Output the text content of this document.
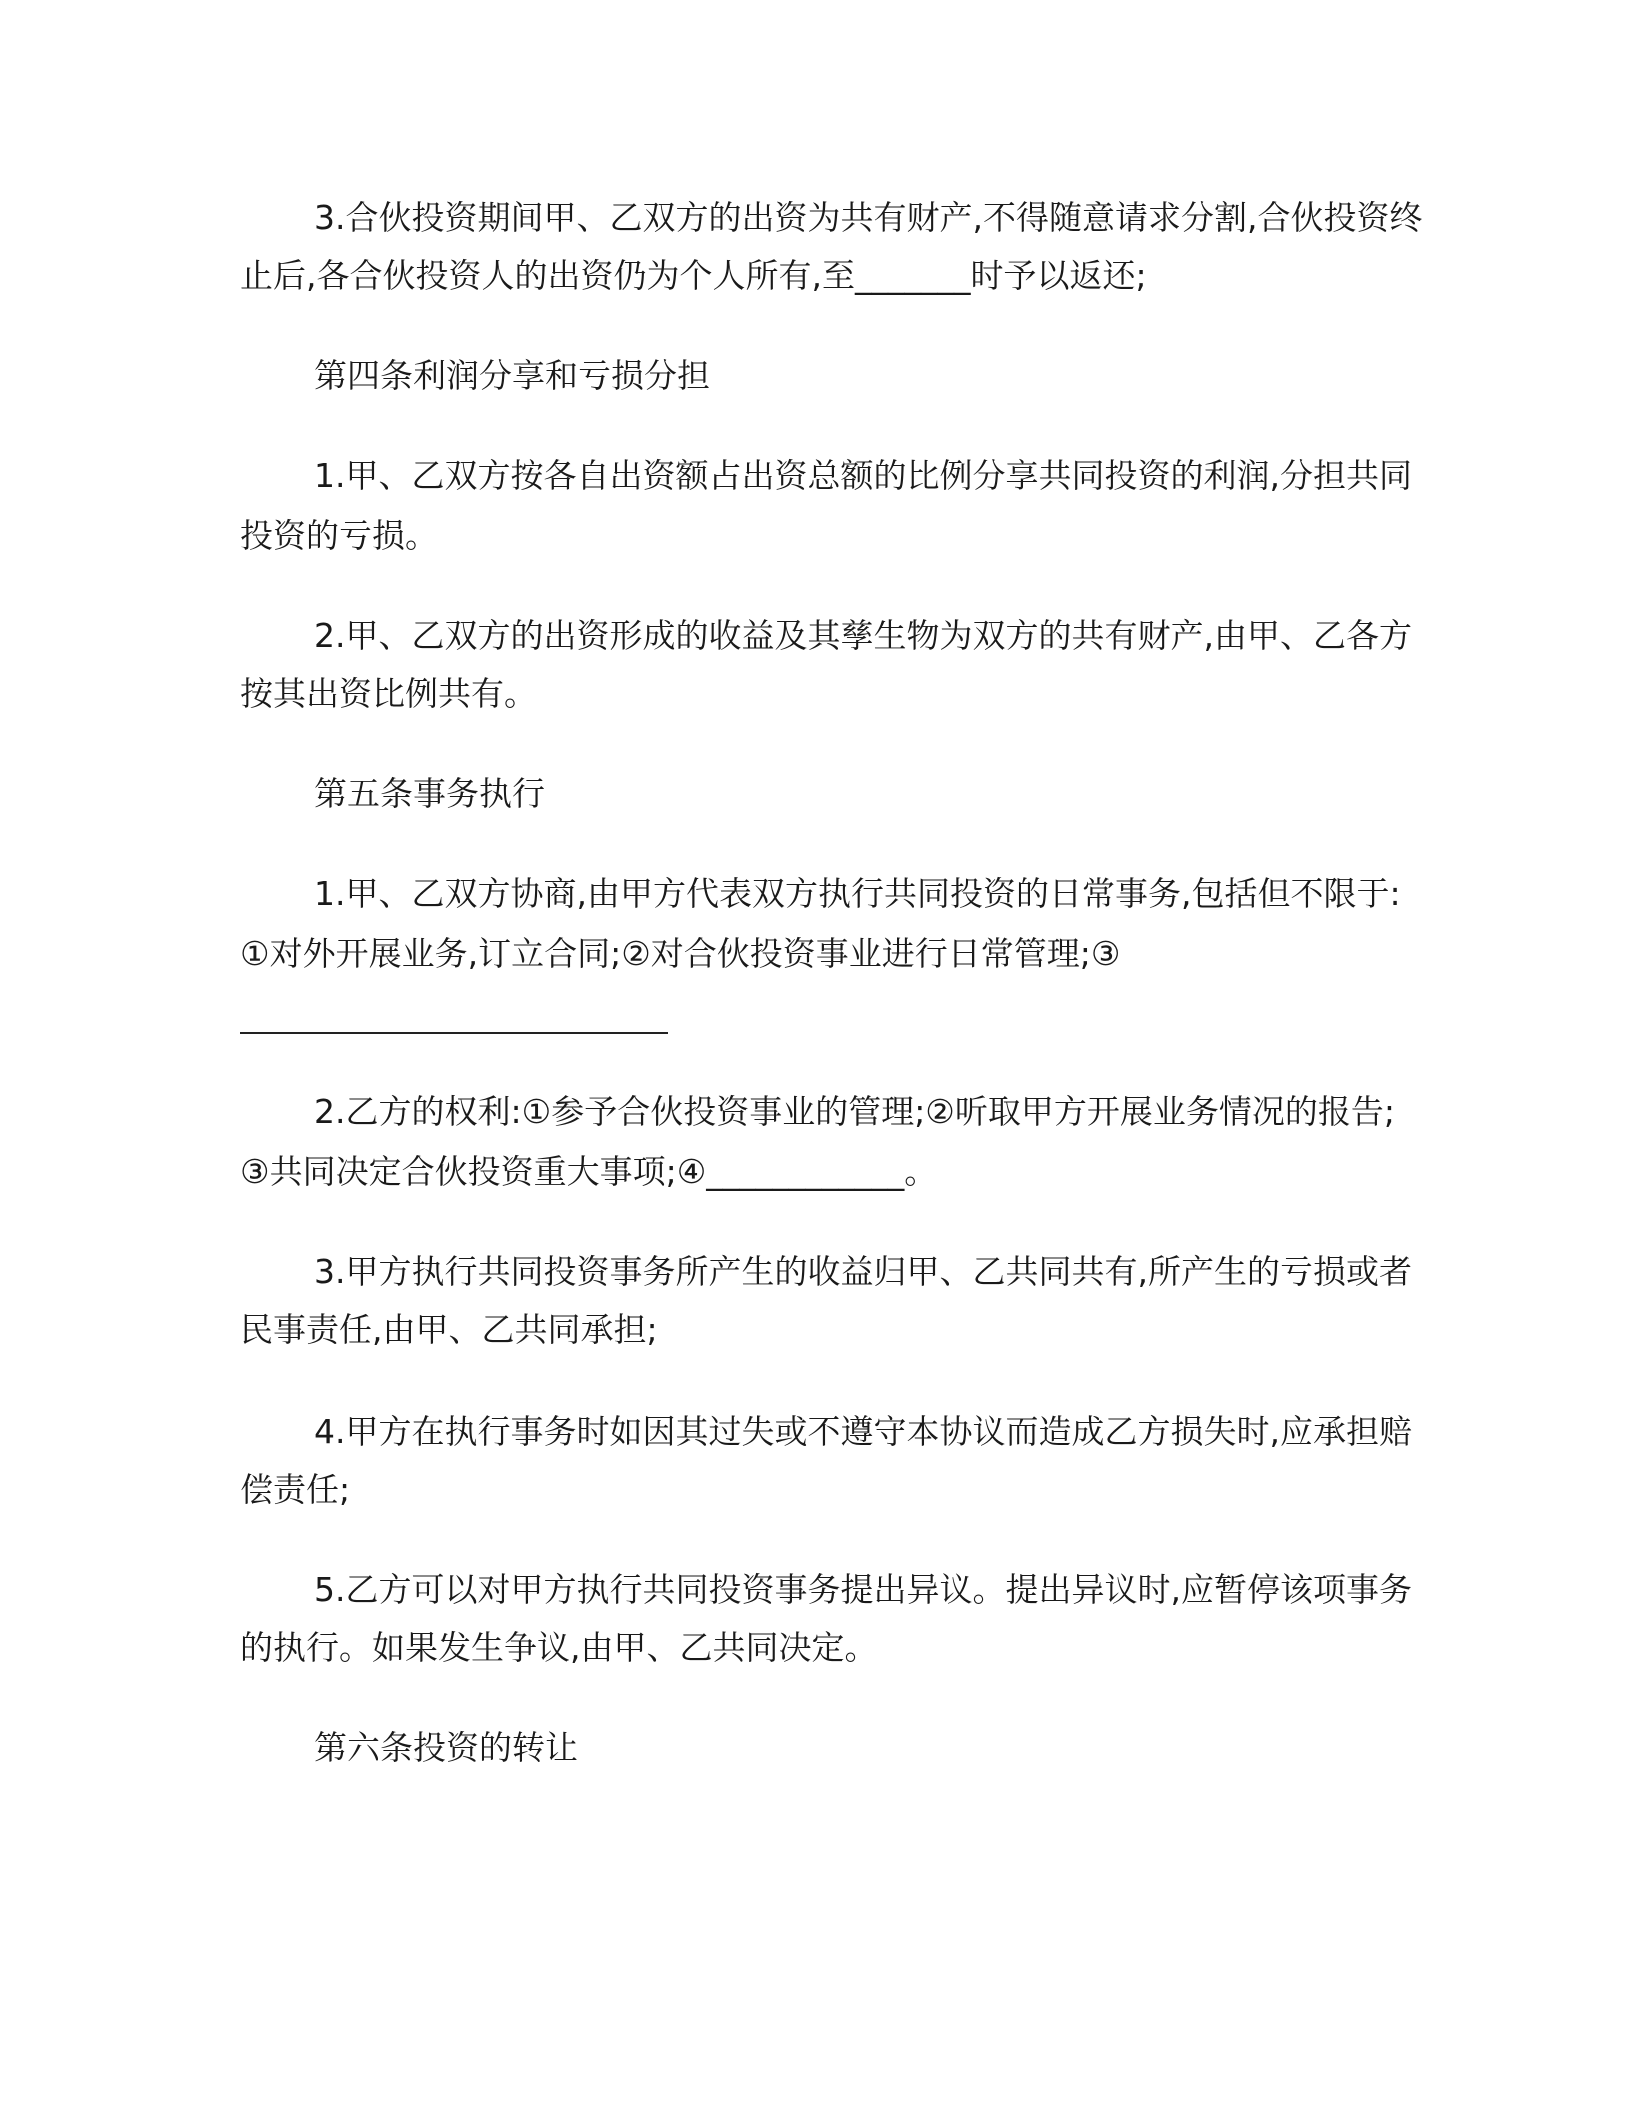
3.合伙投资期间甲、乙双方的出资为共有财产,不得随意请求分割,合伙投资终
止后,各合伙投资人的出资仍为个人所有,至_______时予以返还;
第四条利润分享和亏损分担
1.甲、乙双方按各自出资额占出资总额的比例分享共同投资的利润,分担共同
投资的亏损。
2.甲、乙双方的出资形成的收益及其孳生物为双方的共有财产,由甲、乙各方
按其出资比例共有。
第五条事务执行
1.甲、乙双方协商,由甲方代表双方执行共同投资的日常事务,包括但不限于:
①对外开展业务,订立合同;②对合伙投资事业进行日常管理;③
2.乙方的权利:①参予合伙投资事业的管理;②听取甲方开展业务情况的报告;
③共同决定合伙投资重大事项;④____________。
3.甲方执行共同投资事务所产生的收益归甲、乙共同共有,所产生的亏损或者
民事责任,由甲、乙共同承担;
4.甲方在执行事务时如因其过失或不遵守本协议而造成乙方损失时,应承担赔
偿责任;
5.乙方可以对甲方执行共同投资事务提出异议。提出异议时,应暂停该项事务
的执行。如果发生争议,由甲、乙共同决定。
第六条投资的转让
